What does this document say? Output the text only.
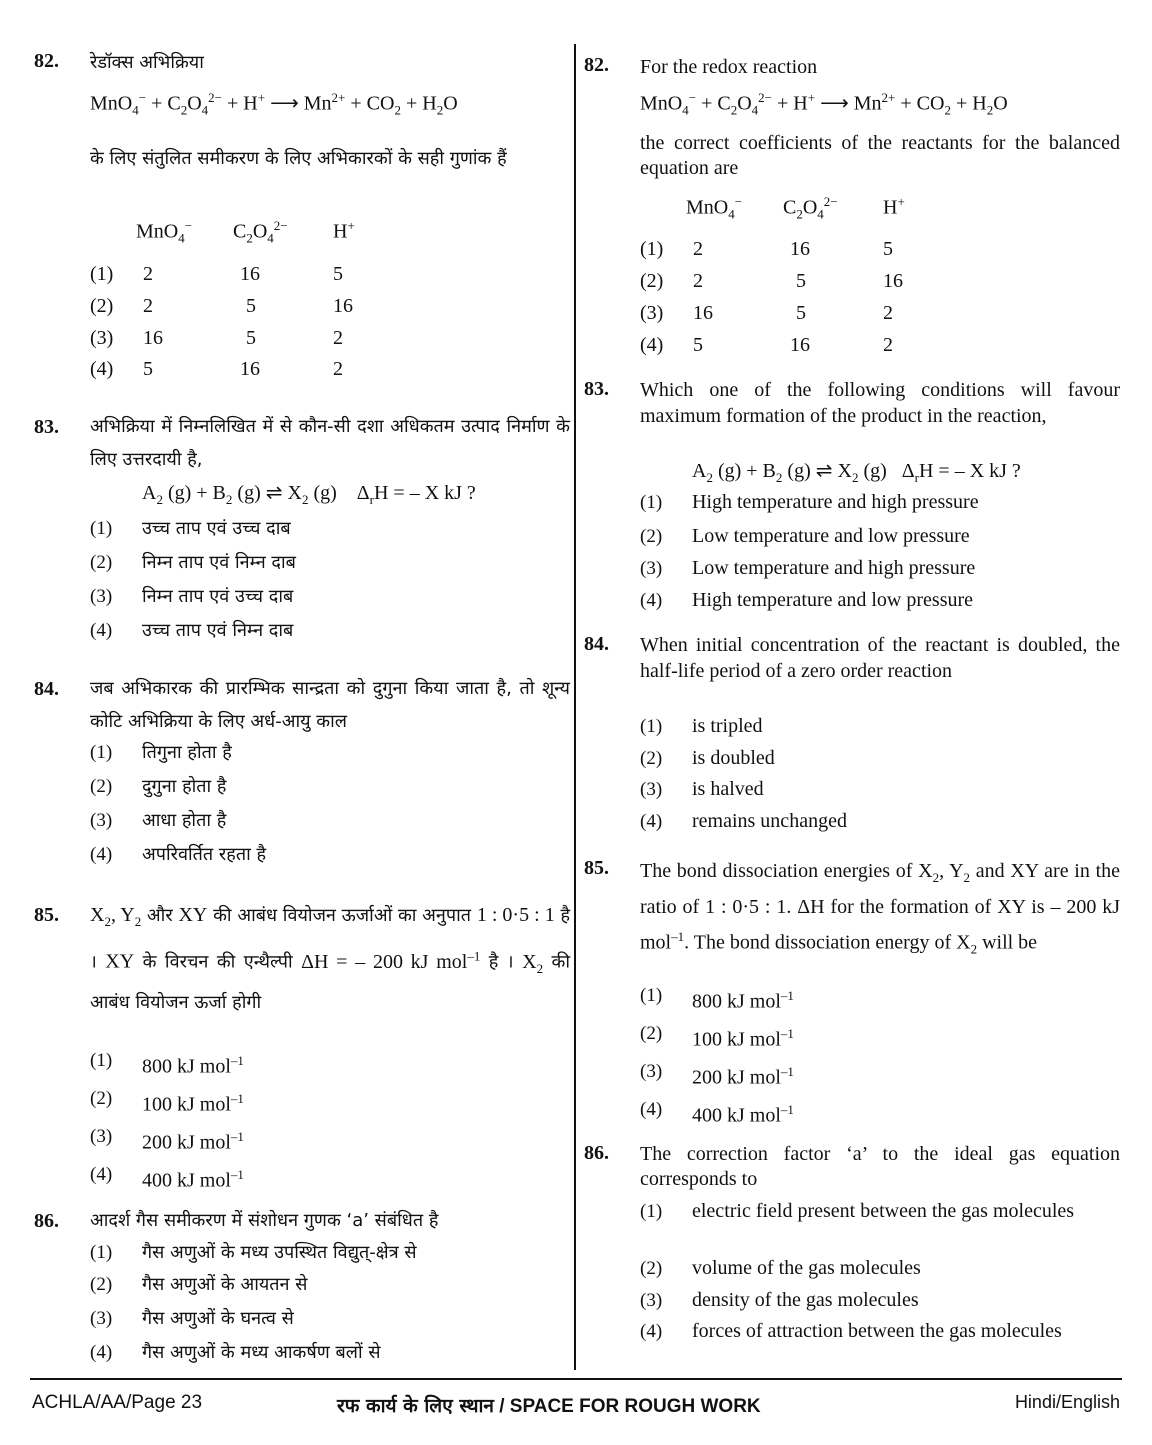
82. रेडॉक्स अभिक्रिया
$MnO_4^- + C_2O_4^{2-} + H^+$ ⟶ $Mn^{2+} + CO_2 + H_2O$
के लिए संतुलित समीकरण के लिए अभिकारकों के सही गुणांक हैं
MnO$_4$− $C_2O_4^{2-}$ H+
(1) 2	16	5
(2) 2	5	16
(3) 16	5	2
(4) 5	16	2
83. अभिक्रिया में निम्नलिखित में से कौन-सी दशा अधिकतम उत्पाद निर्माण के लिए उत्तरदायी है,
$A_2$ $(g) + B_2$ (g) ⇌ $X_2$ (g)    $\Delta_rH$ = – X kJ ?
(1)	उच्च ताप एवं उच्च दाब
(2)	निम्न ताप एवं निम्न दाब
(3)	निम्न ताप एवं उच्च दाब
(4)	उच्च ताप एवं निम्न दाब
84. जब अभिकारक की प्रारम्भिक सान्द्रता को दुगुना किया जाता है, तो शून्य कोटि अभिक्रिया के लिए अर्ध-आयु काल
(1)	तिगुना होता है
(2)	दुगुना होता है
(3)	आधा होता है
(4)	अपरिवर्तित रहता है
85. $X_2$, $Y_2$ और XY की आबंध वियोजन ऊर्जाओं का अनुपात 1 : 0·5 : 1 है । XY के विरचन की एन्थैल्पी ΔH = – 200 kJ mol$^{-1}$ है । $X_2$ की आबंध वियोजन ऊर्जा होगी
(1)	800 kJ mol$^{-1}$
(2)	100 kJ mol$^{-1}$
(3)	200 kJ mol$^{-1}$
(4)	400 kJ mol$^{-1}$
86. आदर्श गैस समीकरण में संशोधन गुणक ‘a’ संबंधित है
(1)	गैस अणुओं के मध्य उपस्थित विद्युत्-क्षेत्र से
(2)	गैस अणुओं के आयतन से
(3)	गैस अणुओं के घनत्व से
(4)	गैस अणुओं के मध्य आकर्षण बलों से
82. For the redox reaction
$MnO_4^- + C_2O_4^{2-} + H^+$ ⟶ $Mn^{2+} + CO_2 + H_2O$
the correct coefficients of the reactants for the balanced equation are
MnO$_4$− $C_2O_4^{2-}$ H+
(1) 2	16	5
(2) 2	5	16
(3) 16	5	2
(4) 5	16	2
83. Which one of the following conditions will favour maximum formation of the product in the reaction,
$A_2$ $(g) + B_2$ (g) ⇌ $X_2$ (g)   $\Delta_rH$ = – X kJ ?
(1)	High temperature and high pressure
(2)	Low temperature and low pressure
(3)	Low temperature and high pressure
(4)	High temperature and low pressure
84. When initial concentration of the reactant is doubled, the half-life period of a zero order reaction
(1)	is tripled
(2)	is doubled
(3)	is halved
(4)	remains unchanged
85. The bond dissociation energies of $X_2$, $Y_2$ and XY are in the ratio of 1 : 0·5 : 1. ΔH for the formation of XY is – 200 kJ mol$^{-1}$. The bond dissociation energy of $X_2$ will be
(1)	800 kJ mol$^{-1}$
(2)	100 kJ mol$^{-1}$
(3)	200 kJ mol$^{-1}$
(4)	400 kJ mol$^{-1}$
86. The correction factor ‘a’ to the ideal gas equation corresponds to
(1)	electric field present between the gas molecules
(2)	volume of the gas molecules
(3)	density of the gas molecules
(4)	forces of attraction between the gas molecules
ACHLA/AA/Page 23	रफ कार्य के लिए स्थान / SPACE FOR ROUGH WORK	Hindi/English
